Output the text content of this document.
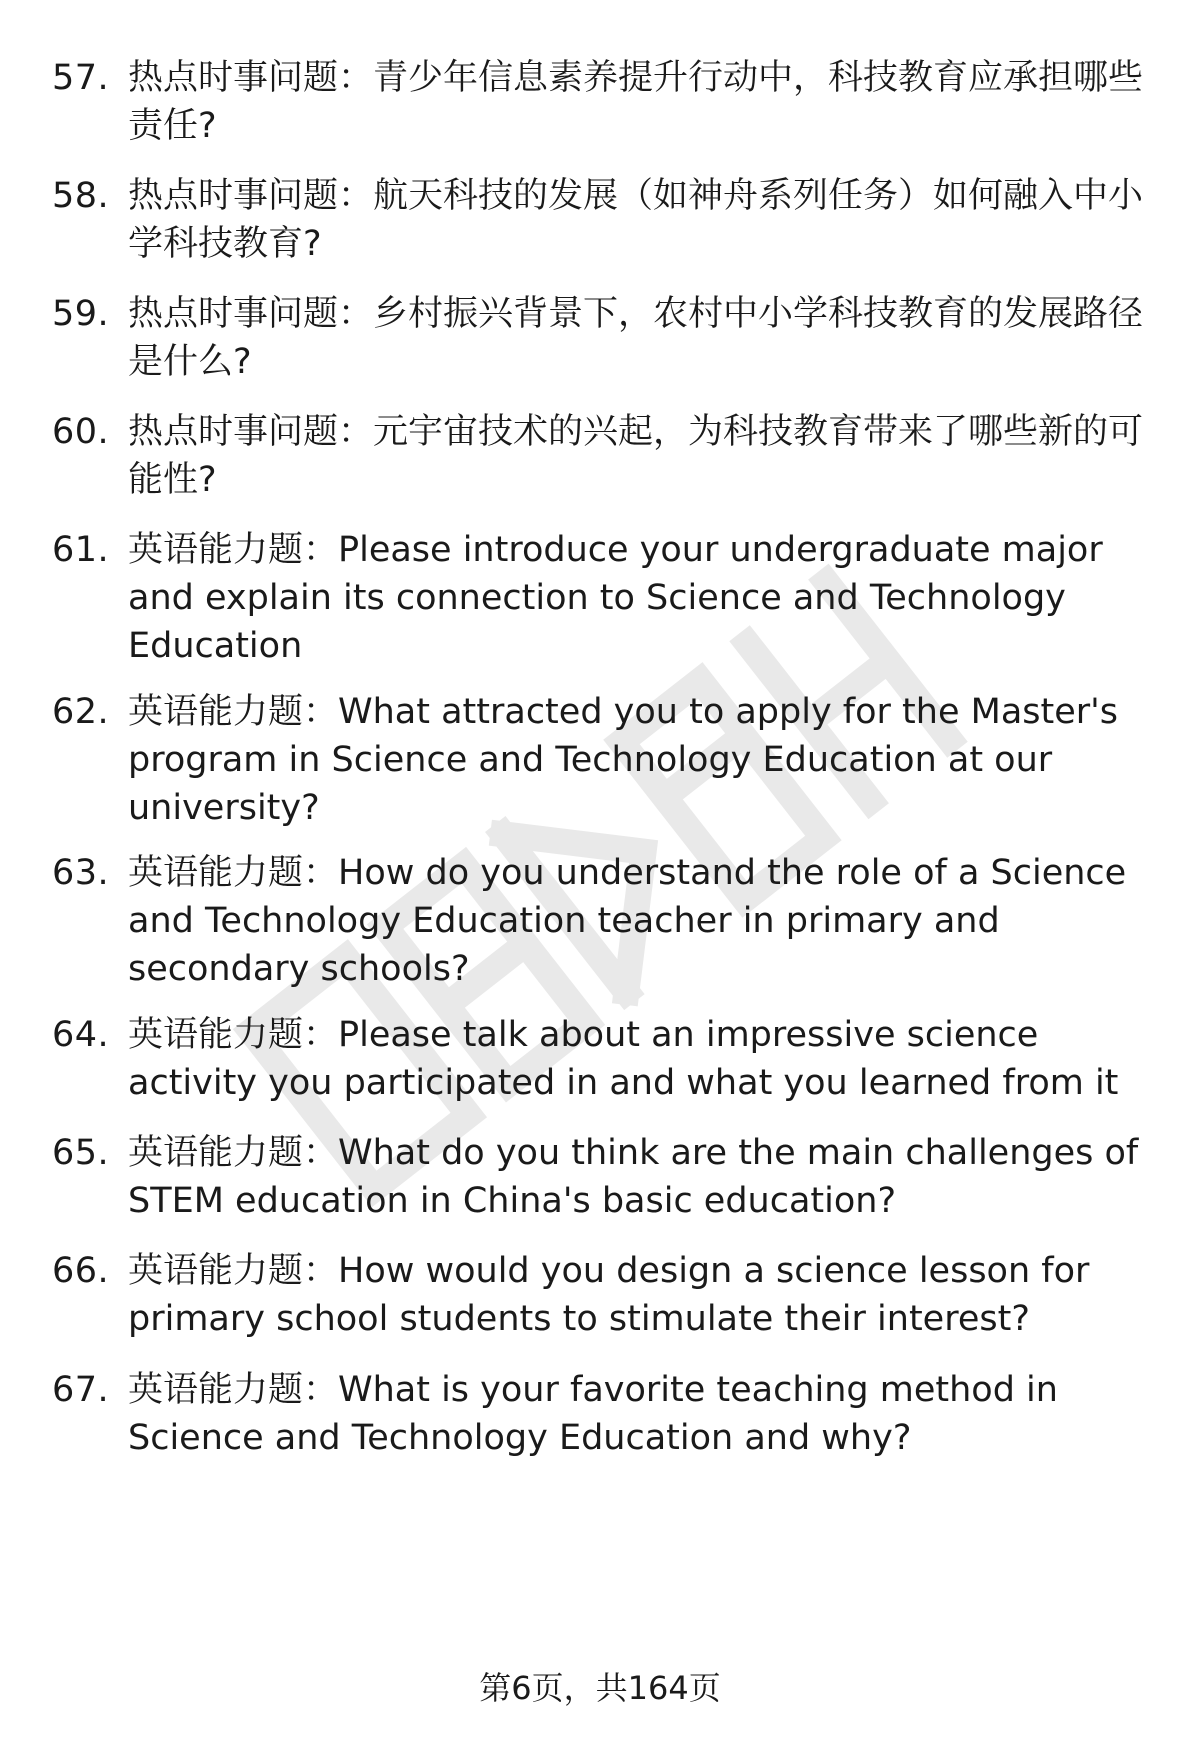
57. 热点时事问题：青少年信息素养提升行动中，科技教育应承担哪些责任?
58. 热点时事问题：航天科技的发展（如神舟系列任务）如何融入中小学科技教育?
59. 热点时事问题：乡村振兴背景下，农村中小学科技教育的发展路径是什么?
60. 热点时事问题：元宇宙技术的兴起，为科技教育带来了哪些新的可能性?
61. 英语能力题：Please introduce your undergraduate major and explain its connection to Science and Technology Education
62. 英语能力题：What attracted you to apply for the Master's program in Science and Technology Education at our university?
63. 英语能力题：How do you understand the role of a Science and Technology Education teacher in primary and secondary schools?
64. 英语能力题：Please talk about an impressive science activity you participated in and what you learned from it
65. 英语能力题：What do you think are the main challenges of STEM education in China's basic education?
66. 英语能力题：How would you design a science lesson for primary school students to stimulate their interest?
67. 英语能力题：What is your favorite teaching method in Science and Technology Education and why?
第6页，共164页
